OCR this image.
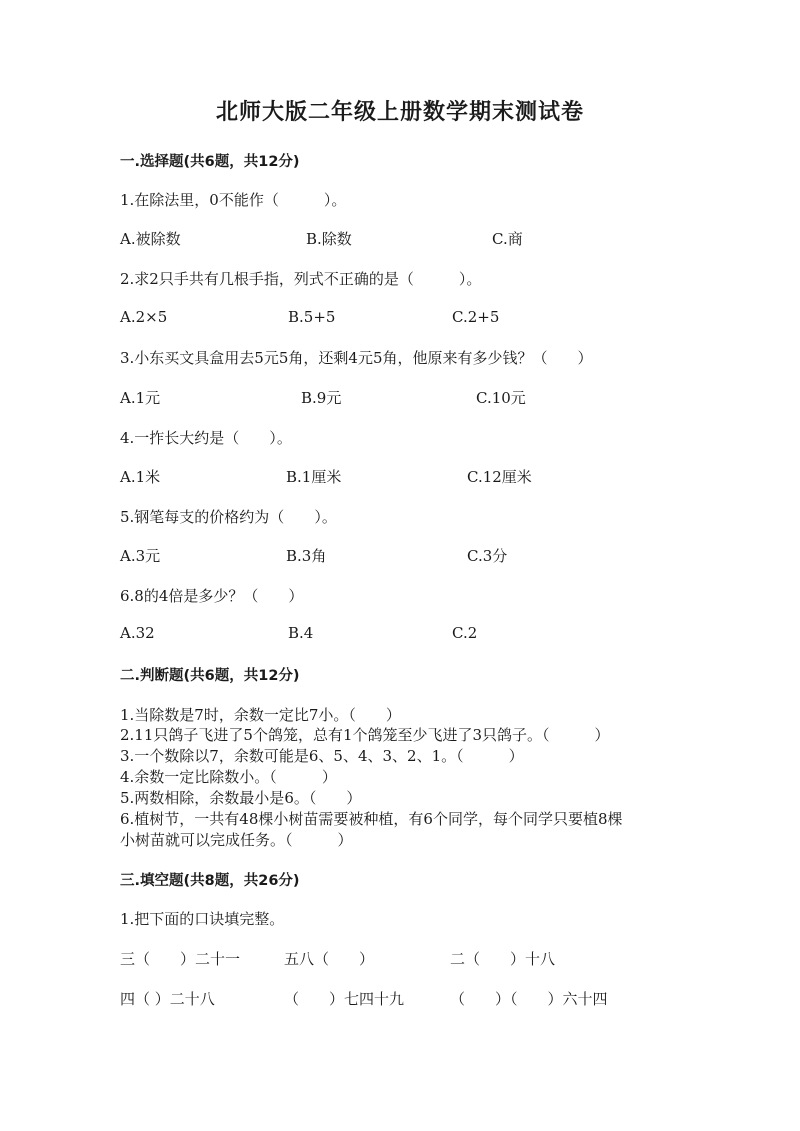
北师大版二年级上册数学期末测试卷
一.选择题(共6题，共12分)
1.在除法里，0不能作（　　　）。
A.被除数	B.除数	C.商
2.求2只手共有几根手指，列式不正确的是（　　　）。
A.2×5	B.5+5	C.2+5
3.小东买文具盒用去5元5角，还剩4元5角，他原来有多少钱？（　　）
A.1元	B.9元	C.10元
4.一拃长大约是（　　）。
A.1米	B.1厘米	C.12厘米
5.钢笔每支的价格约为（　　）。
A.3元	B.3角	C.3分
6.8的4倍是多少？（　　）
A.32	B.4	C.2
二.判断题(共6题，共12分)
1.当除数是7时，余数一定比7小。（　　）
2.11只鸽子飞进了5个鸽笼，总有1个鸽笼至少飞进了3只鸽子。（　　　）
3.一个数除以7，余数可能是6、5、4、3、2、1。（　　　）
4.余数一定比除数小。（　　　）
5.两数相除，余数最小是6。（　　）
6.植树节，一共有48棵小树苗需要被种植，有6个同学，每个同学只要植8棵
小树苗就可以完成任务。（　　　）
三.填空题(共8题，共26分)
1.把下面的口诀填完整。
三（　　）二十一	五八（　　）	二（　　）十八
四（ ）二十八	（　　）七四十九	（　　）（　　）六十四
